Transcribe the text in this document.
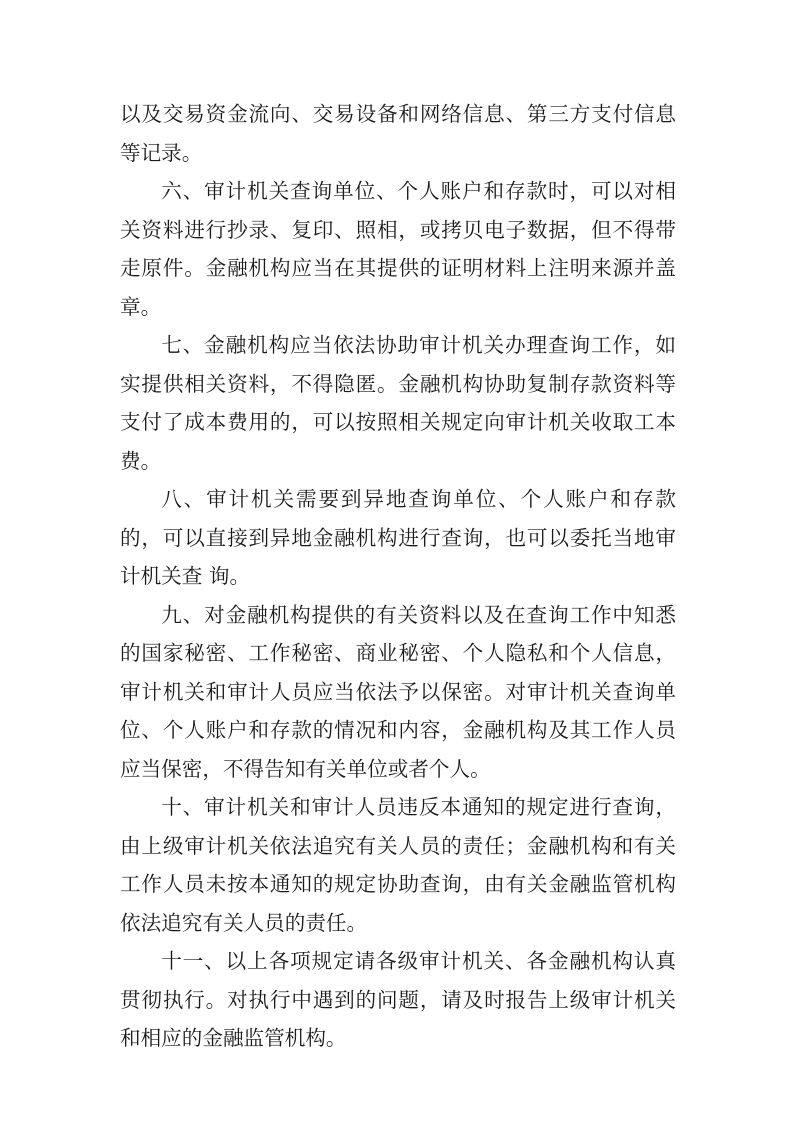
以及交易资金流向、交易设备和网络信息、第三方支付信息等记录。

六、审计机关查询单位、个人账户和存款时，可以对相关资料进行抄录、复印、照相，或拷贝电子数据，但不得带走原件。金融机构应当在其提供的证明材料上注明来源并盖章。

七、金融机构应当依法协助审计机关办理查询工作，如实提供相关资料，不得隐匿。金融机构协助复制存款资料等支付了成本费用的，可以按照相关规定向审计机关收取工本费。

八、审计机关需要到异地查询单位、个人账户和存款的，可以直接到异地金融机构进行查询，也可以委托当地审计机关查 询。

九、对金融机构提供的有关资料以及在查询工作中知悉的国家秘密、工作秘密、商业秘密、个人隐私和个人信息，审计机关和审计人员应当依法予以保密。对审计机关查询单位、个人账户和存款的情况和内容，金融机构及其工作人员应当保密，不得告知有关单位或者个人。

十、审计机关和审计人员违反本通知的规定进行查询，由上级审计机关依法追究有关人员的责任；金融机构和有关工作人员未按本通知的规定协助查询，由有关金融监管机构依法追究有关人员的责任。

十一、以上各项规定请各级审计机关、各金融机构认真贯彻执行。对执行中遇到的问题，请及时报告上级审计机关和相应的金融监管机构。
